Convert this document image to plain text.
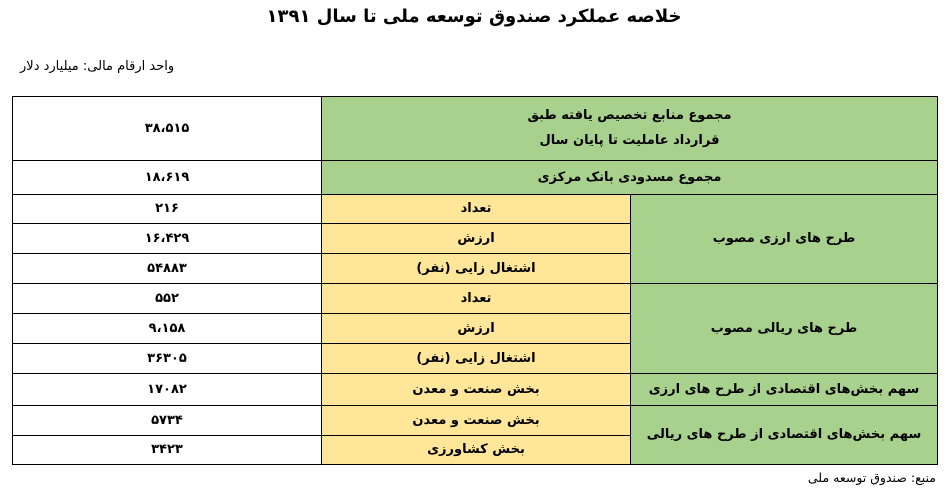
خلاصه عملکرد صندوق توسعه ملی تا سال ۱۳۹۱
واحد ارقام مالی: میلیارد دلار
مجموع منابع تخصیص یافته طبق
قرارداد عاملیت تا پایان سال		۳۸،۵۱۵
مجموع مسدودی بانک مرکزی		۱۸،۶۱۹
طرح های ارزی مصوب	تعداد	۲۱۶
	ارزش	۱۶،۴۲۹
	اشتغال زایی (نفر)	۵۴۸۸۳
طرح های ریالی مصوب	تعداد	۵۵۲
	ارزش	۹،۱۵۸
	اشتغال زایی (نفر)	۳۶۳۰۵
سهم بخش‌های اقتصادی از طرح های ارزی	بخش صنعت و معدن	۱۷۰۸۲
سهم بخش‌های اقتصادی از طرح های ریالی	بخش صنعت و معدن	۵۷۳۴
	بخش کشاورزی	۳۴۲۳
منبع: صندوق توسعه ملی
